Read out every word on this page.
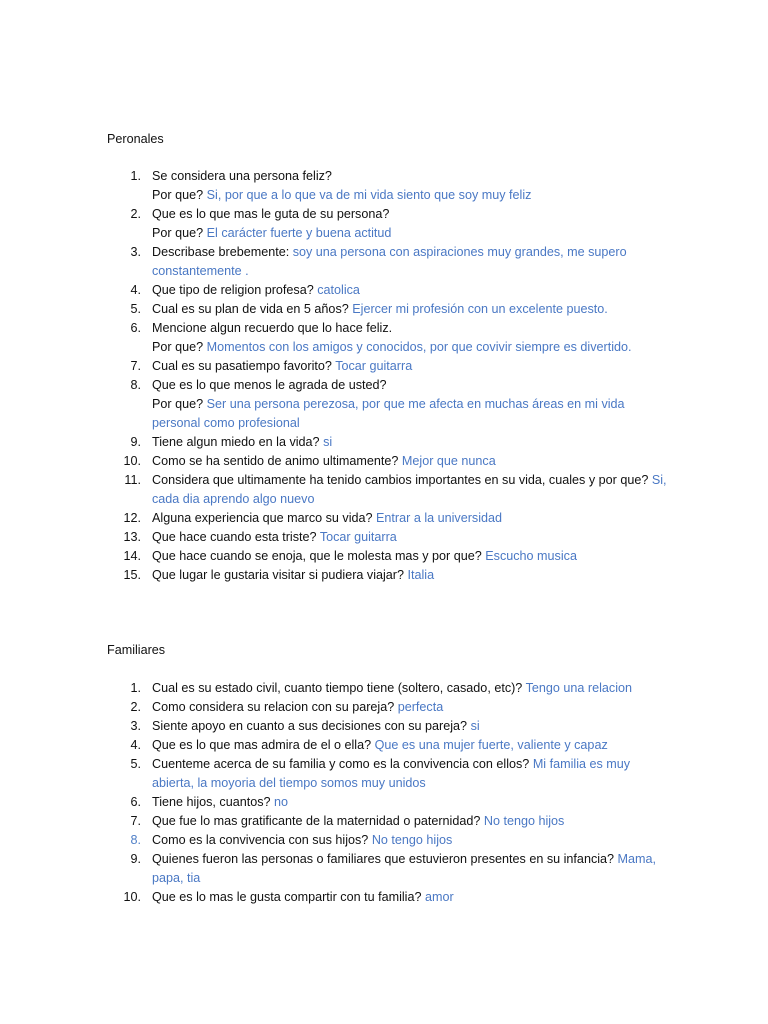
Peronales
1. Se considera una persona feliz?
Por que? Si, por que a lo que va de mi vida siento que soy muy feliz
2. Que es lo que mas le guta de su persona?
Por que? El carácter fuerte y buena actitud
3. Describase brebemente: soy una persona con aspiraciones muy grandes, me supero constantemente .
4. Que tipo de religion profesa? catolica
5. Cual es su plan de vida en 5 años? Ejercer mi profesión con un excelente puesto.
6. Mencione algun recuerdo que lo hace feliz.
Por que? Momentos con los amigos y conocidos, por que covivir siempre es divertido.
7. Cual es su pasatiempo favorito? Tocar guitarra
8. Que es lo que menos le agrada de usted?
Por que? Ser una persona perezosa, por que me afecta en muchas áreas en mi vida personal como profesional
9. Tiene algun miedo en la vida? si
10. Como se ha sentido de animo ultimamente? Mejor que nunca
11. Considera que ultimamente ha tenido cambios importantes en su vida, cuales y por que? Si, cada dia aprendo algo nuevo
12. Alguna experiencia que marco su vida? Entrar a la universidad
13. Que hace cuando esta triste? Tocar guitarra
14. Que hace cuando se enoja, que le molesta mas y por que? Escucho musica
15. Que lugar le gustaria visitar si pudiera viajar? Italia
Familiares
1. Cual es su estado civil, cuanto tiempo tiene (soltero, casado, etc)? Tengo una relacion
2. Como considera su relacion con su pareja? perfecta
3. Siente apoyo en cuanto a sus decisiones con su pareja? si
4. Que es lo que mas admira de el o ella? Que es una mujer fuerte, valiente y capaz
5. Cuenteme acerca de su familia y como es la convivencia con ellos? Mi familia es muy abierta, la moyoria del tiempo somos muy unidos
6. Tiene hijos, cuantos? no
7. Que fue lo mas gratificante de la maternidad o paternidad? No tengo hijos
8. Como es la convivencia con sus hijos? No tengo hijos
9. Quienes fueron las personas o familiares que estuvieron presentes en su infancia? Mama, papa, tia
10. Que es lo mas le gusta compartir con tu familia? amor
